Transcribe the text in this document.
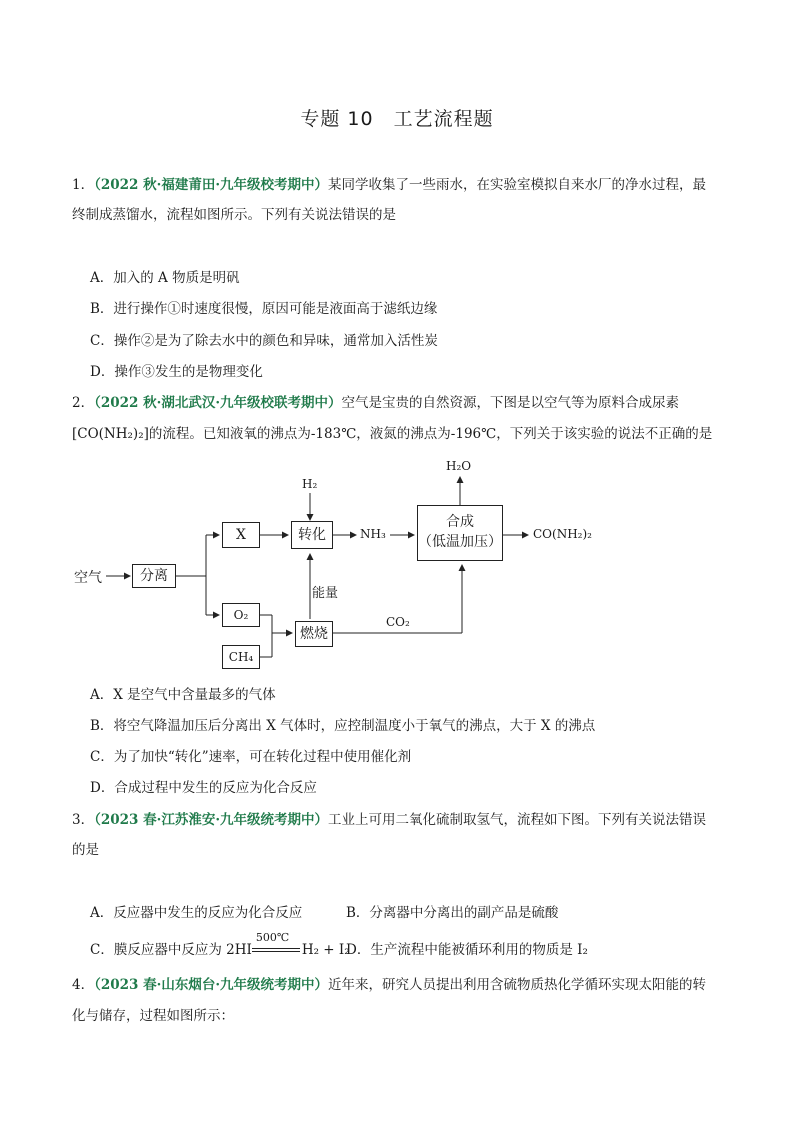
专题 10　工艺流程题
1．（2022 秋·福建莆田·九年级校考期中）某同学收集了一些雨水，在实验室模拟自来水厂的净水过程，最
终制成蒸馏水，流程如图所示。下列有关说法错误的是
A．加入的 A 物质是明矾
B．进行操作①时速度很慢，原因可能是液面高于滤纸边缘
C．操作②是为了除去水中的颜色和异味，通常加入活性炭
D．操作③发生的是物理变化
2．（2022 秋·湖北武汉·九年级校联考期中）空气是宝贵的自然资源，下图是以空气等为原料合成尿素
[CO(NH₂)₂]的流程。已知液氧的沸点为-183℃，液氮的沸点为-196℃，下列关于该实验的说法不正确的是
空气	分离
X
O₂
CH₄
转化
燃烧
合成
（低温加压）
H₂
NH₃
能量
CO₂
H₂O
CO(NH₂)₂
A．X 是空气中含量最多的气体
B．将空气降温加压后分离出 X 气体时，应控制温度小于氧气的沸点，大于 X 的沸点
C．为了加快“转化”速率，可在转化过程中使用催化剂
D．合成过程中发生的反应为化合反应
3．（2023 春·江苏淮安·九年级统考期中）工业上可用二氧化硫制取氢气，流程如下图。下列有关说法错误
的是
A．反应器中发生的反应为化合反应	B．分离器中分离出的副产品是硫酸
C．膜反应器中反应为 2HI
500℃
H₂ + I₂
D．生产流程中能被循环利用的物质是 I₂
4．（2023 春·山东烟台·九年级统考期中）近年来，研究人员提出利用含硫物质热化学循环实现太阳能的转
化与储存，过程如图所示：
